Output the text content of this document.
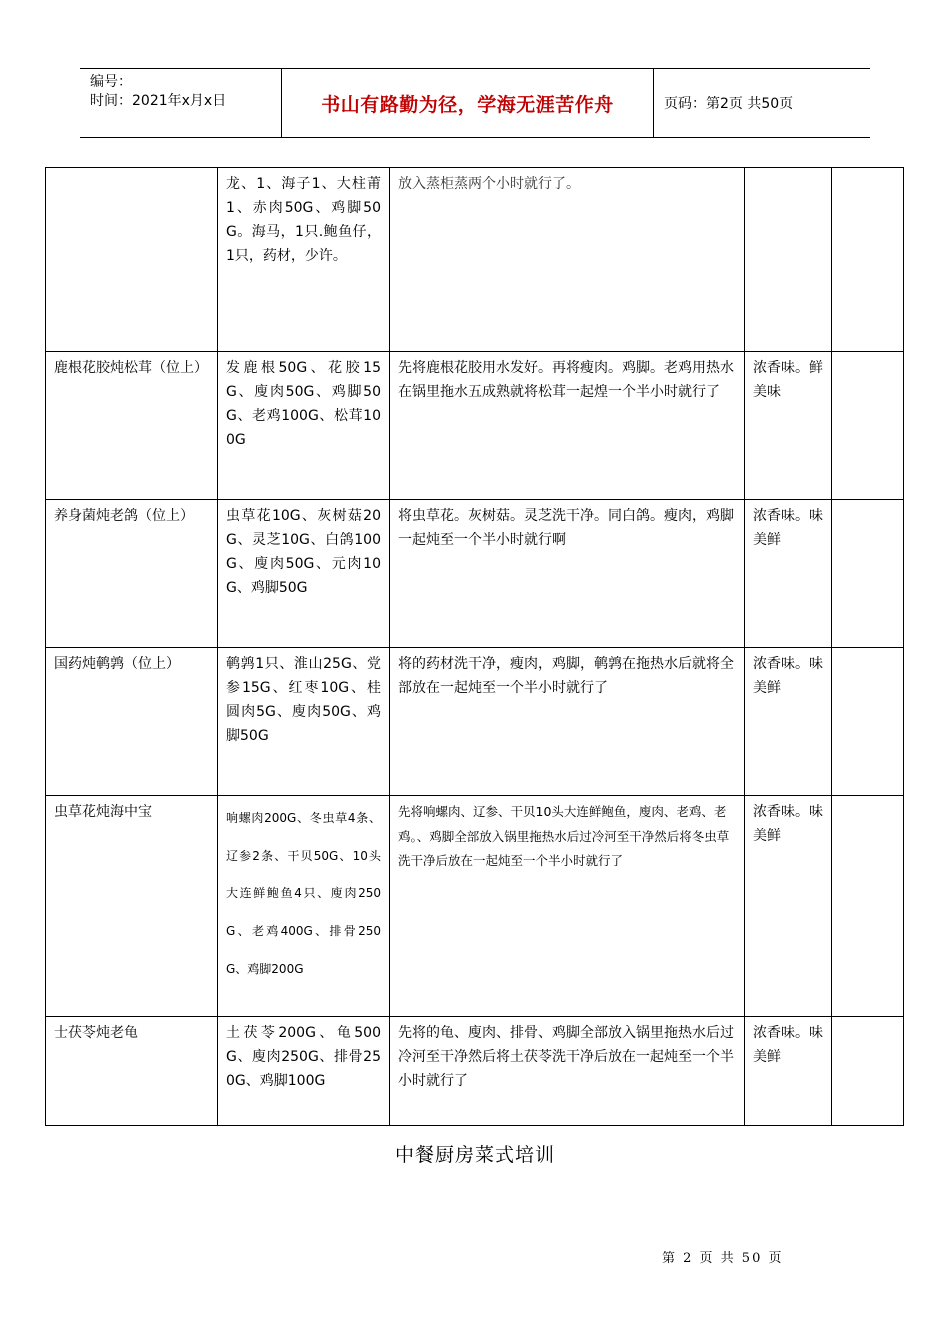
编号：
时间：2021年x月x日	书山有路勤为径，学海无涯苦作舟	页码：第2页 共50页
	龙、1、海子1、大柱莆1、赤肉50G、鸡脚50G。海马，1只.鲍鱼仔，1只，药材，少许。	放入蒸柜蒸两个小时就行了。		
鹿根花胶炖松茸（位上）	发鹿根50G、花胶15G、廋肉50G、鸡脚50G、老鸡100G、松茸100G	先将鹿根花胶用水发好。再将瘦肉。鸡脚。老鸡用热水在锅里拖水五成熟就将松茸一起煌一个半小时就行了	浓香味。鲜美味	
养身菌炖老鸽（位上）	虫草花10G、灰树菇20G、灵芝10G、白鸽100G、廋肉50G、元肉10G、鸡脚50G	将虫草花。灰树菇。灵芝洗干净。同白鸽。瘦肉，鸡脚一起炖至一个半小时就行啊	浓香味。味美鲜	
国药炖鹌鹑（位上）	鹌鹑1只、淮山25G、党参15G、红枣10G、桂圆肉5G、廋肉50G、鸡脚50G	将的药材洗干净，瘦肉，鸡脚，鹌鹑在拖热水后就将全部放在一起炖至一个半小时就行了	浓香味。味美鲜	
虫草花炖海中宝	响螺肉200G、冬虫草4条、辽参2条、干贝50G、10头大连鲜鲍鱼4只、廋肉250G、老鸡400G、排骨250G、鸡脚200G	先将响螺肉、辽参、干贝10头大连鲜鲍鱼，廋肉、老鸡、老鸡。、鸡脚全部放入锅里拖热水后过冷河至干净然后将冬虫草洗干净后放在一起炖至一个半小时就行了	浓香味。味美鲜	
士茯苓炖老龟	土茯苓200G、龟500G、廋肉250G、排骨250G、鸡脚100G	先将的龟、廋肉、排骨、鸡脚全部放入锅里拖热水后过冷河至干净然后将土茯苓洗干净后放在一起炖至一个半小时就行了	浓香味。味美鲜	
中餐厨房菜式培训
第 2 页 共 50 页
